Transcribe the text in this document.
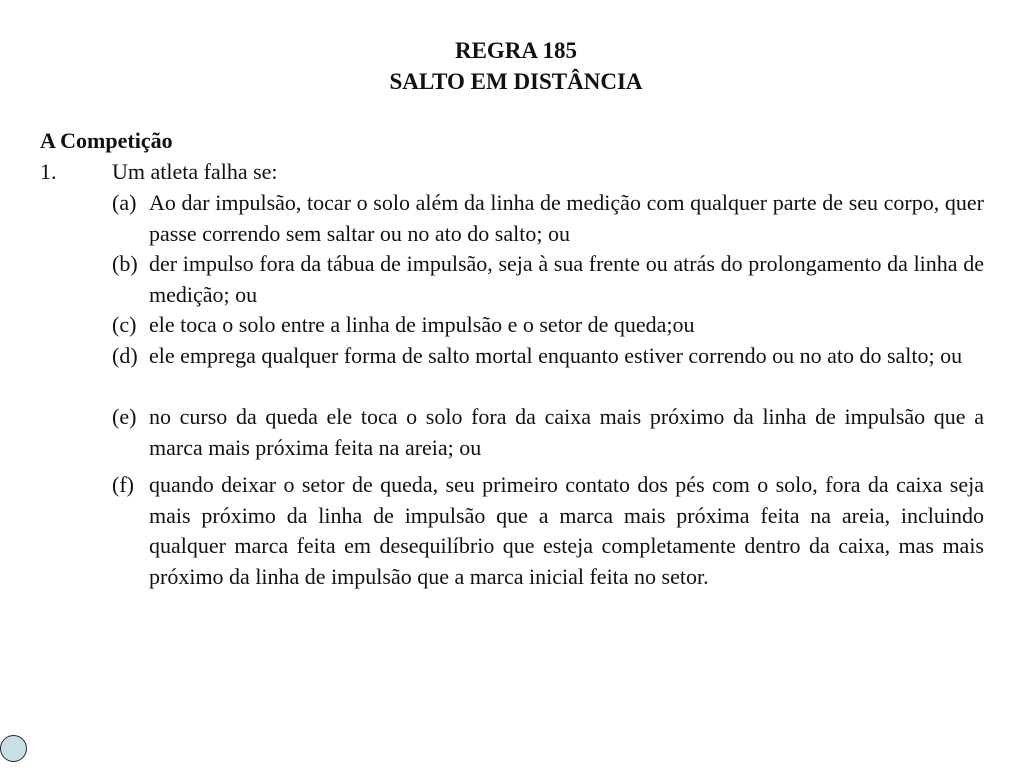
REGRA 185
SALTO EM DISTÂNCIA

A Competição

1.	Um atleta falha se:
(a) Ao dar impulsão, tocar o solo além da linha de medição com qualquer parte de seu corpo, quer passe correndo sem saltar ou no ato do salto; ou
(b) der impulso fora da tábua de impulsão, seja à sua frente ou atrás do prolongamento da linha de medição; ou
(c) ele toca o solo entre a linha de impulsão e o setor de queda;ou
(d) ele emprega qualquer forma de salto mortal enquanto estiver correndo ou no ato do salto; ou
(e) no curso da queda ele toca o solo fora da caixa mais próximo da linha de impulsão que a marca mais próxima feita na areia; ou
(f) quando deixar o setor de queda, seu primeiro contato dos pés com o solo, fora da caixa seja mais próximo da linha de impulsão que a marca mais próxima feita na areia, incluindo qualquer marca feita em desequilíbrio que esteja completamente dentro da caixa, mas mais próximo da linha de impulsão que a marca inicial feita no setor.
